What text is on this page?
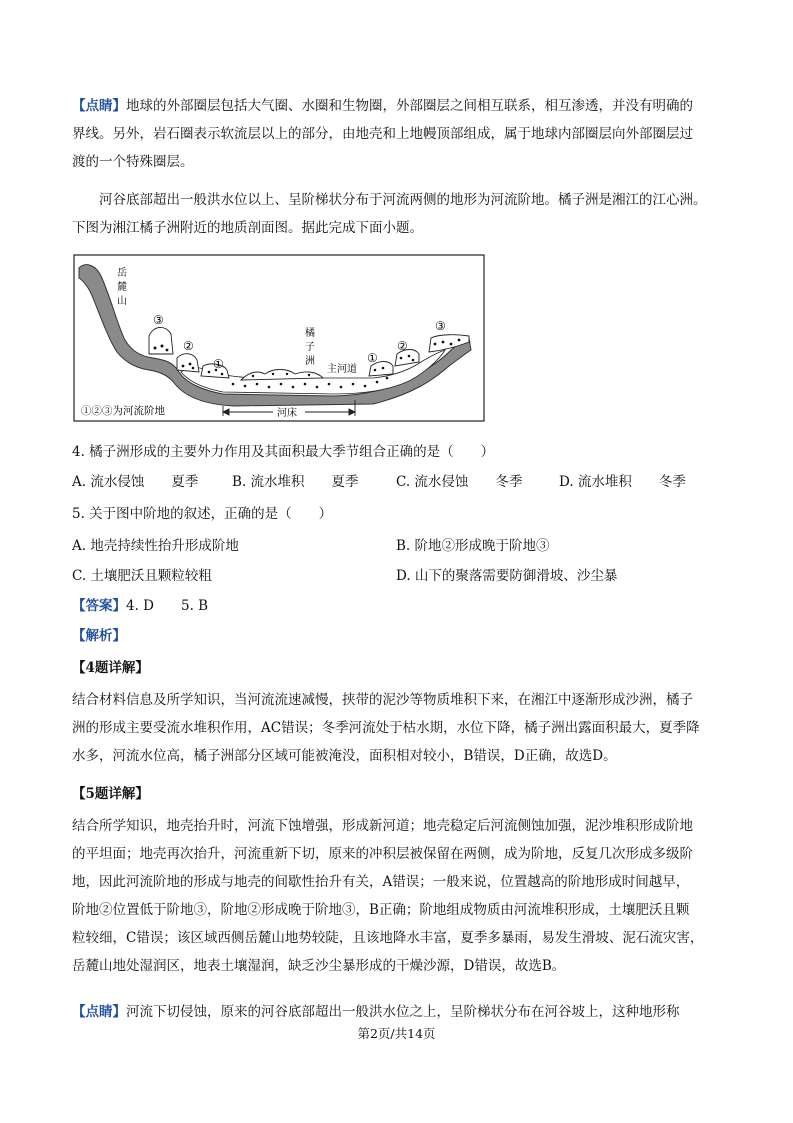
【点睛】地球的外部圈层包括大气圈、水圈和生物圈，外部圈层之间相互联系，相互渗透，并没有明确的
界线。另外，岩石圈表示软流层以上的部分，由地壳和上地幔顶部组成，属于地球内部圈层向外部圈层过
渡的一个特殊圈层。
河谷底部超出一般洪水位以上、呈阶梯状分布于河流两侧的地形为河流阶地。橘子洲是湘江的江心洲。
下图为湘江橘子洲附近的地质剖面图。据此完成下面小题。
岳
麓
山
橘
子
洲
主河道
河床
③
②
①	①
②
③
①②③为河流阶地
4. 橘子洲形成的主要外力作用及其面积最大季节组合正确的是（　　）
A. 流水侵蚀　　夏季 B. 流水堆积　　夏季	C. 流水侵蚀　　冬季	D. 流水堆积　　冬季
5. 关于图中阶地的叙述，正确的是（　　）
A. 地壳持续性抬升形成阶地	B. 阶地②形成晚于阶地③
C. 土壤肥沃且颗粒较粗	D. 山下的聚落需要防御滑坡、沙尘暴
【答案】4. D　　5. B
【解析】
【4题详解】
结合材料信息及所学知识，当河流流速减慢，挟带的泥沙等物质堆积下来，在湘江中逐渐形成沙洲，橘子
洲的形成主要受流水堆积作用，AC错误；冬季河流处于枯水期，水位下降，橘子洲出露面积最大，夏季降
水多，河流水位高，橘子洲部分区域可能被淹没，面积相对较小，B错误，D正确，故选D。
【5题详解】
结合所学知识，地壳抬升时，河流下蚀增强，形成新河道；地壳稳定后河流侧蚀加强，泥沙堆积形成阶地
的平坦面；地壳再次抬升，河流重新下切，原来的冲积层被保留在两侧，成为阶地，反复几次形成多级阶
地，因此河流阶地的形成与地壳的间歇性抬升有关，A错误；一般来说，位置越高的阶地形成时间越早，
阶地②位置低于阶地③，阶地②形成晚于阶地③，B正确；阶地组成物质由河流堆积形成，土壤肥沃且颗
粒较细，C错误；该区域西侧岳麓山地势较陡，且该地降水丰富，夏季多暴雨，易发生滑坡、泥石流灾害，
岳麓山地处湿润区，地表土壤湿润，缺乏沙尘暴形成的干燥沙源，D错误，故选B。
【点睛】河流下切侵蚀，原来的河谷底部超出一般洪水位之上，呈阶梯状分布在河谷坡上，这种地形称
第2页/共14页
